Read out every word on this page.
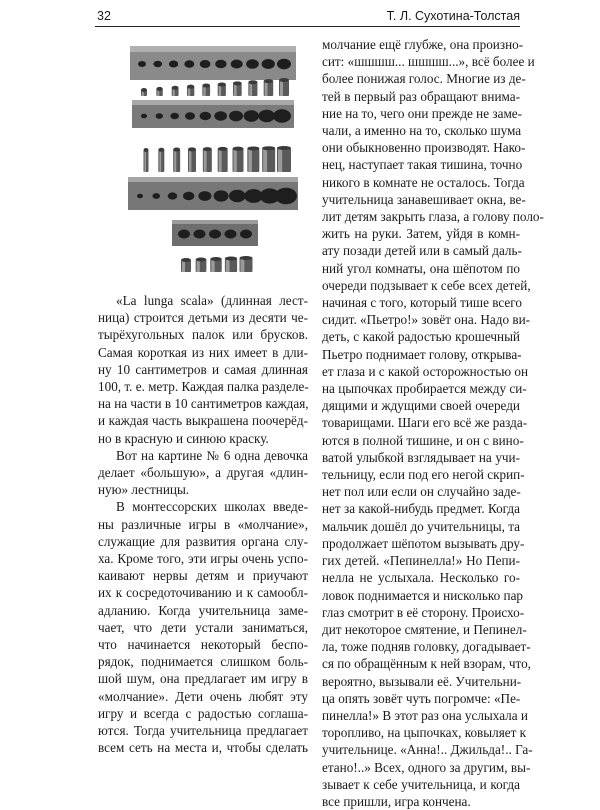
32	Т. Л. Сухотина-Толстая
«La lunga scala» (длинная лест-
ница) строится детьми из десяти че-
тырёхугольных палок или брусков.
Самая короткая из них имеет в дли-
ну 10 сантиметров и самая длинная
100, т. е. метр. Каждая палка разделе-
на на части в 10 сантиметров каждая,
и каждая часть выкрашена поочерёд-
но в красную и синюю краску.
Вот на картине № 6 одна девочка
делает «большую», а другая «длин-
ную» лестницы.
В монтессорских школах введе-
ны различные игры в «молчание»,
служащие для развития органа слу-
ха. Кроме того, эти игры очень успо-
каивают нервы детям и приучают
их к сосредоточиванию и к самообл-
адланию. Когда учительница заме-
чает, что дети устали заниматься,
что начинается некоторый беспо-
рядок, поднимается слишком боль-
шой шум, она предлагает им игру в
«молчание». Дети очень любят эту
игру и всегда с радостью соглаша-
ются. Тогда учительница предлагает
всем сеть на места и, чтобы сделать
молчание ещё глубже, она произно-
сит: «шшшш... шшшш...», всё более и
более понижая голос. Многие из де-
тей в первый раз обращают внима-
ние на то, чего они прежде не заме-
чали, а именно на то, сколько шума
они обыкновенно производят. Нако-
нец, наступает такая тишина, точно
никого в комнате не осталось. Тогда
учительница занавешивает окна, ве-
лит детям закрыть глаза, а голову поло-
жить на руки. Затем, уйдя в комн-
ату позади детей или в самый даль-
ний угол комнаты, она шёпотом по
очереди подзывает к себе всех детей,
начиная с того, который тише всего
сидит. «Пьетро!» зовёт она. Надо ви-
деть, с какой радостью крошечный
Пьетро поднимает голову, открыва-
ет глаза и с какой осторожностью он
на цыпочках пробирается между си-
дящими и ждущими своей очереди
товарищами. Шаги его всё же разда-
ются в полной тишине, и он с вино-
ватой улыбкой взглядывает на учи-
тельницу, если под его негой скрип-
нет пол или если он случайно заде-
нет за какой-нибудь предмет. Когда
мальчик дошёл до учительницы, та
продолжает шёпотом вызывать дру-
гих детей. «Пепинелла!» Но Пепи-
нелла не услыхала. Несколько го-
ловок поднимается и нисколько пар
глаз смотрит в её сторону. Происхо-
дит некоторое смятение, и Пепинел-
ла, тоже подняв головку, догадывает-
ся по обращённым к ней взорам, что,
вероятно, вызывали её. Учительни-
ца опять зовёт чуть погромче: «Пе-
пинелла!» В этот раз она услыхала и
торопливо, на цыпочках, ковыляет к
учительнице. «Анна!.. Джильда!.. Га-
етано!..» Всех, одного за другим, вы-
зывает к себе учительница, и когда
все пришли, игра кончена.
